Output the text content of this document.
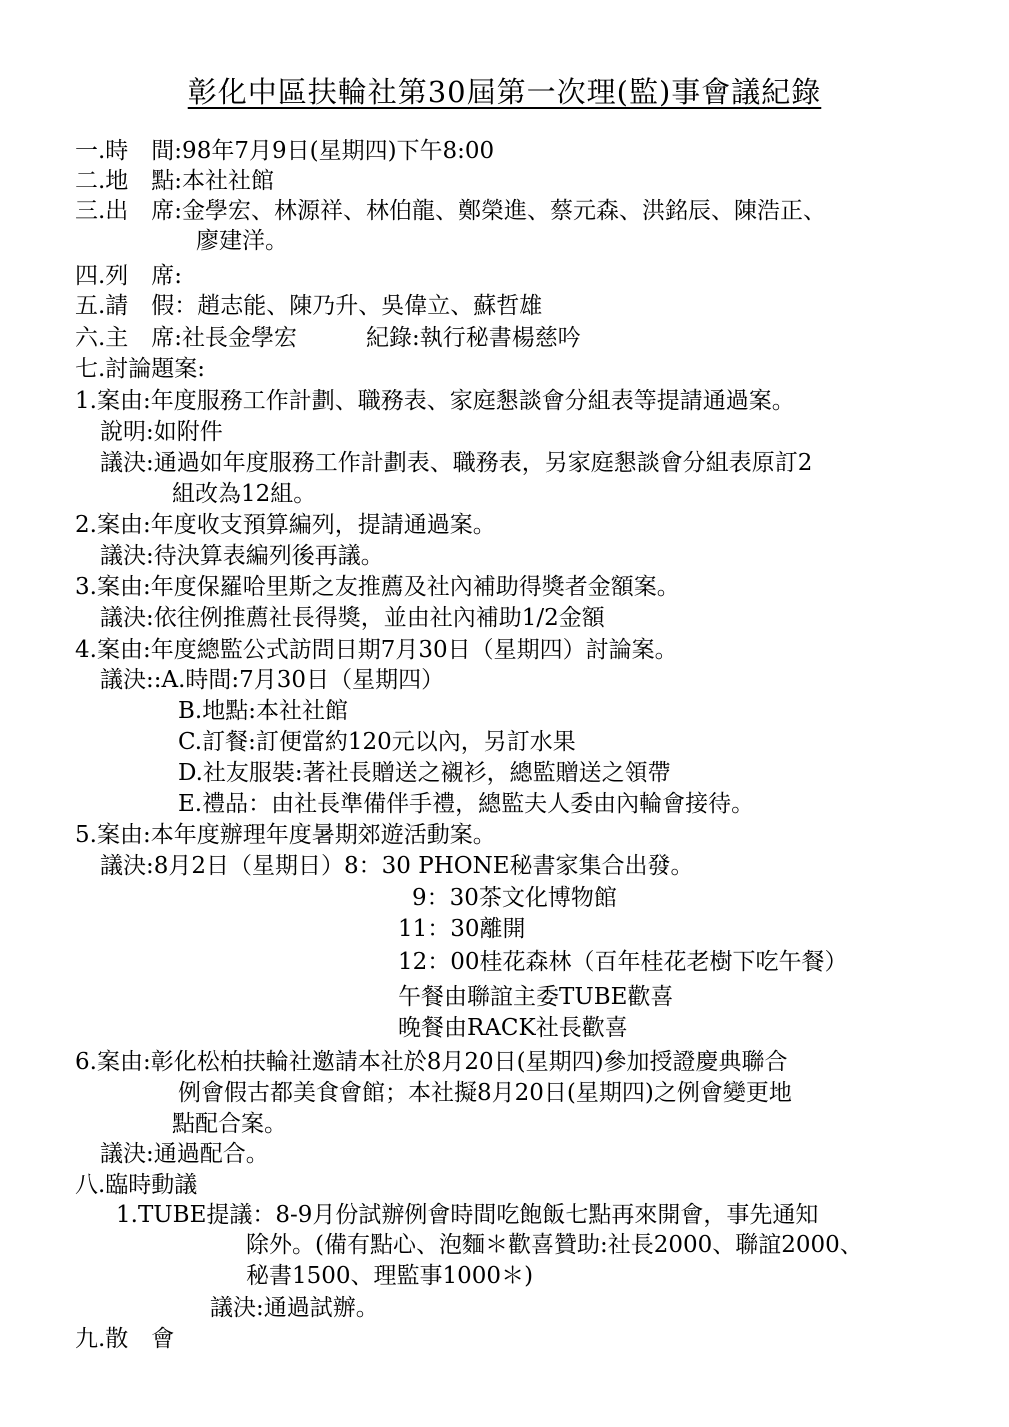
彰化中區扶輪社第30屆第一次理(監)事會議紀錄
一.時　間:98年7月9日(星期四)下午8:00
二.地　點:本社社館
三.出　席:金學宏、林源祥、林伯龍、鄭榮進、蔡元森、洪銘辰、陳浩正、
廖建洋。
四.列　席:
五.請　假：趙志能、陳乃升、吳偉立、蘇哲雄
六.主　席:社長金學宏　　　紀錄:執行秘書楊慈吟
七.討論題案:
1.案由:年度服務工作計劃、職務表、家庭懇談會分組表等提請通過案。
說明:如附件
議決:通過如年度服務工作計劃表、職務表，另家庭懇談會分組表原訂2
組改為12組。
2.案由:年度收支預算編列，提請通過案。
議決:待決算表編列後再議。
3.案由:年度保羅哈里斯之友推薦及社內補助得獎者金額案。
議決:依往例推薦社長得獎，並由社內補助1/2金額
4.案由:年度總監公式訪問日期7月30日（星期四）討論案。
議決::A.時間:7月30日（星期四）
B.地點:本社社館
C.訂餐:訂便當約120元以內，另訂水果
D.社友服裝:著社長贈送之襯衫，總監贈送之領帶
E.禮品：由社長準備伴手禮，總監夫人委由內輪會接待。
5.案由:本年度辦理年度暑期郊遊活動案。
議決:8月2日（星期日）8：30 PHONE秘書家集合出發。
9：30茶文化博物館
11：30離開
12：00桂花森林（百年桂花老樹下吃午餐）
午餐由聯誼主委TUBE歡喜
晚餐由RACK社長歡喜
6.案由:彰化松柏扶輪社邀請本社於8月20日(星期四)參加授證慶典聯合
例會假古都美食會館；本社擬8月20日(星期四)之例會變更地
點配合案。
議決:通過配合。
八.臨時動議
1.TUBE提議：8-9月份試辦例會時間吃飽飯七點再來開會，事先通知
除外。(備有點心、泡麵＊歡喜贊助:社長2000、聯誼2000、
秘書1500、理監事1000＊)
議決:通過試辦。
九.散　會
